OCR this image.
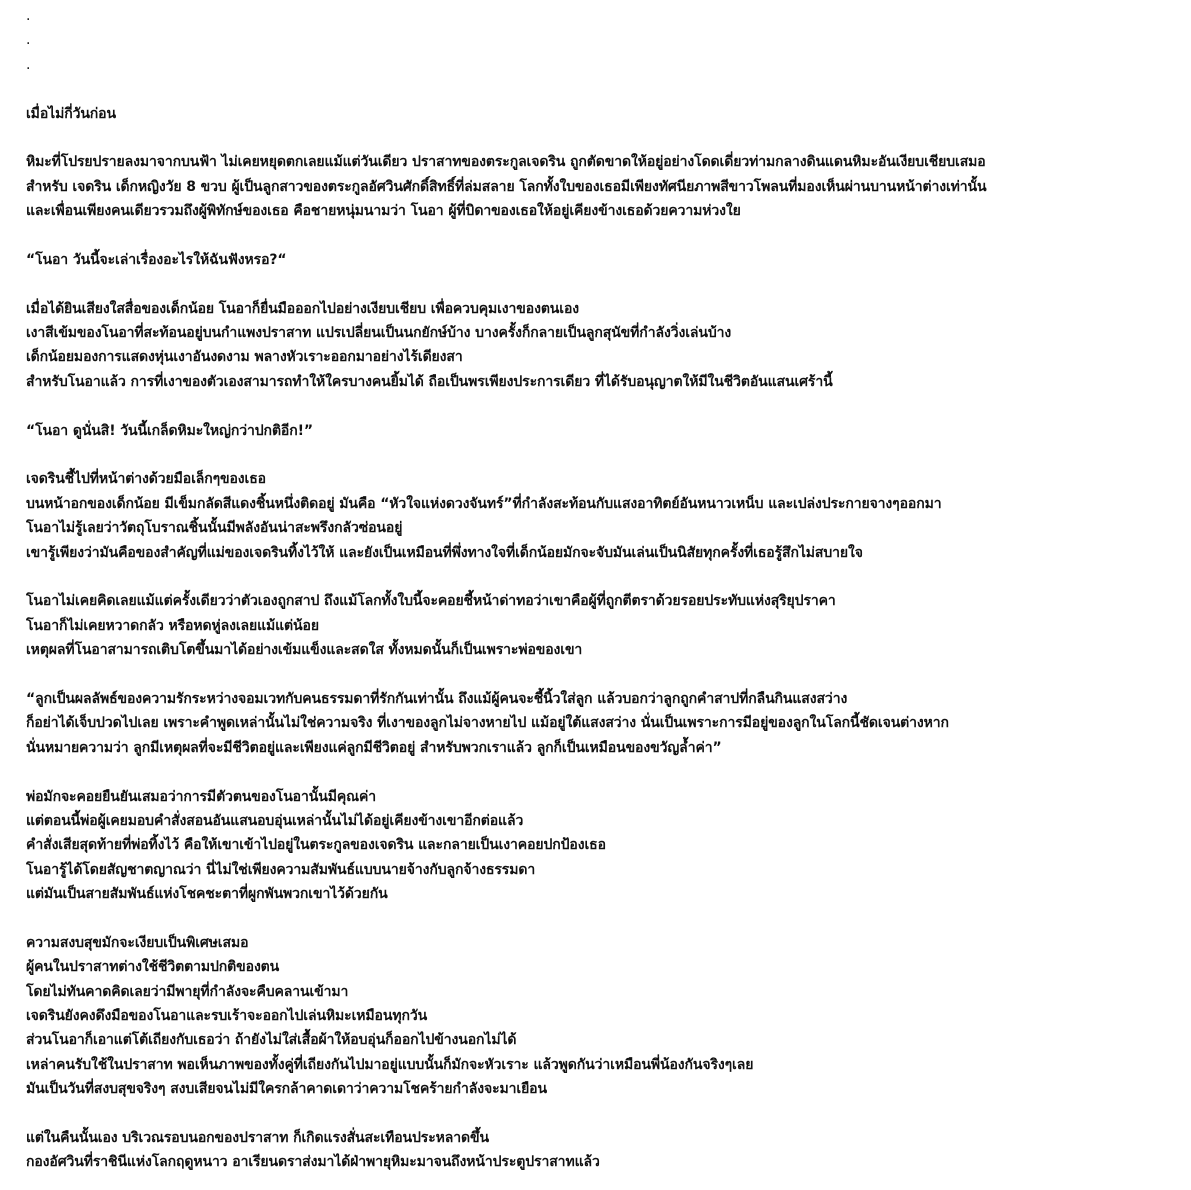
.
.
.
เมื่อไม่กี่วันก่อน
หิมะที่โปรยปรายลงมาจากบนฟ้า ไม่เคยหยุดตกเลยแม้แต่วันเดียว ปราสาทของตระกูลเจดริน ถูกตัดขาดให้อยู่อย่างโดดเดี่ยวท่ามกลางดินแดนหิมะอันเงียบเชียบเสมอ
สำหรับ เจดริน เด็กหญิงวัย 8 ขวบ ผู้เป็นลูกสาวของตระกูลอัศวินศักดิ์สิทธิ์ที่ล่มสลาย โลกทั้งใบของเธอมีเพียงทัศนียภาพสีขาวโพลนที่มองเห็นผ่านบานหน้าต่างเท่านั้น
และเพื่อนเพียงคนเดียวรวมถึงผู้พิทักษ์ของเธอ คือชายหนุ่มนามว่า โนอา ผู้ที่บิดาของเธอให้อยู่เคียงข้างเธอด้วยความห่วงใย
“โนอา วันนี้จะเล่าเรื่องอะไรให้ฉันฟังหรอ?“
เมื่อได้ยินเสียงใสสื่อของเด็กน้อย โนอาก็ยื่นมือออกไปอย่างเงียบเชียบ เพื่อควบคุมเงาของตนเอง
เงาสีเข้มของโนอาที่สะท้อนอยู่บนกำแพงปราสาท แปรเปลี่ยนเป็นนกยักษ์บ้าง บางครั้งก็กลายเป็นลูกสุนัขที่กำลังวิ่งเล่นบ้าง
เด็กน้อยมองการแสดงหุ่นเงาอันงดงาม พลางหัวเราะออกมาอย่างไร้เดียงสา
สำหรับโนอาแล้ว การที่เงาของตัวเองสามารถทำให้ใครบางคนยิ้มได้ ถือเป็นพรเพียงประการเดียว ที่ได้รับอนุญาตให้มีในชีวิตอันแสนเศร้านี้
“โนอา ดูนั่นสิ! วันนี้เกล็ดหิมะใหญ่กว่าปกติอีก!”
เจดรินชี้ไปที่หน้าต่างด้วยมือเล็กๆของเธอ
บนหน้าอกของเด็กน้อย มีเข็มกลัดสีแดงชิ้นหนึ่งติดอยู่ มันคือ “หัวใจแห่งดวงจันทร์”ที่กำลังสะท้อนกับแสงอาทิตย์อันหนาวเหน็บ และเปล่งประกายจางๆออกมา
โนอาไม่รู้เลยว่าวัตถุโบราณชิ้นนั้นมีพลังอันน่าสะพรึงกลัวซ่อนอยู่
เขารู้เพียงว่ามันคือของสำคัญที่แม่ของเจดรินทิ้งไว้ให้ และยังเป็นเหมือนที่พึ่งทางใจที่เด็กน้อยมักจะจับมันเล่นเป็นนิสัยทุกครั้งที่เธอรู้สึกไม่สบายใจ
โนอาไม่เคยคิดเลยแม้แต่ครั้งเดียวว่าตัวเองถูกสาป ถึงแม้โลกทั้งใบนี้จะคอยชี้หน้าด่าทอว่าเขาคือผู้ที่ถูกตีตราด้วยรอยประทับแห่งสุริยุปราคา
โนอาก็ไม่เคยหวาดกลัว หรือหดหู่ลงเลยแม้แต่น้อย
เหตุผลที่โนอาสามารถเติบโตขึ้นมาได้อย่างเข้มแข็งและสดใส ทั้งหมดนั้นก็เป็นเพราะพ่อของเขา
“ลูกเป็นผลลัพธ์ของความรักระหว่างจอมเวทกับคนธรรมดาที่รักกันเท่านั้น ถึงแม้ผู้คนจะชี้นิ้วใส่ลูก แล้วบอกว่าลูกถูกคำสาปที่กลืนกินแสงสว่าง
ก็อย่าได้เจ็บปวดไปเลย เพราะคำพูดเหล่านั้นไม่ใช่ความจริง ที่เงาของลูกไม่จางหายไป แม้อยู่ใต้แสงสว่าง นั่นเป็นเพราะการมีอยู่ของลูกในโลกนี้ชัดเจนต่างหาก
นั่นหมายความว่า ลูกมีเหตุผลที่จะมีชีวิตอยู่และเพียงแค่ลูกมีชีวิตอยู่ สำหรับพวกเราแล้ว ลูกก็เป็นเหมือนของขวัญล้ำค่า”
พ่อมักจะคอยยืนยันเสมอว่าการมีตัวตนของโนอานั้นมีคุณค่า
แต่ตอนนี้พ่อผู้เคยมอบคำสั่งสอนอันแสนอบอุ่นเหล่านั้นไม่ได้อยู่เคียงข้างเขาอีกต่อแล้ว
คำสั่งเสียสุดท้ายที่พ่อทิ้งไว้ คือให้เขาเข้าไปอยู่ในตระกูลของเจดริน และกลายเป็นเงาคอยปกป้องเธอ
โนอารู้ได้โดยสัญชาตญาณว่า นี่ไม่ใช่เพียงความสัมพันธ์แบบนายจ้างกับลูกจ้างธรรมดา
แต่มันเป็นสายสัมพันธ์แห่งโชคชะตาที่ผูกพันพวกเขาไว้ด้วยกัน
ความสงบสุขมักจะเงียบเป็นพิเศษเสมอ
ผู้คนในปราสาทต่างใช้ชีวิตตามปกติของตน
โดยไม่ทันคาดคิดเลยว่ามีพายุที่กำลังจะคืบคลานเข้ามา
เจดรินยังคงดึงมือของโนอาและรบเร้าจะออกไปเล่นหิมะเหมือนทุกวัน
ส่วนโนอาก็เอาแต่โต้เถียงกับเธอว่า ถ้ายังไม่ใส่เสื้อผ้าให้อบอุ่นก็ออกไปข้างนอกไม่ได้
เหล่าคนรับใช้ในปราสาท พอเห็นภาพของทั้งคู่ที่เถียงกันไปมาอยู่แบบนั้นก็มักจะหัวเราะ แล้วพูดกันว่าเหมือนพี่น้องกันจริงๆเลย
มันเป็นวันที่สงบสุขจริงๆ สงบเสียจนไม่มีใครกล้าคาดเดาว่าความโชคร้ายกำลังจะมาเยือน
แต่ในคืนนั้นเอง บริเวณรอบนอกของปราสาท ก็เกิดแรงสั่นสะเทือนประหลาดขึ้น
กองอัศวินที่ราชินีแห่งโลกฤดูหนาว อาเรียนดราส่งมาได้ฝ่าพายุหิมะมาจนถึงหน้าประตูปราสาทแล้ว
